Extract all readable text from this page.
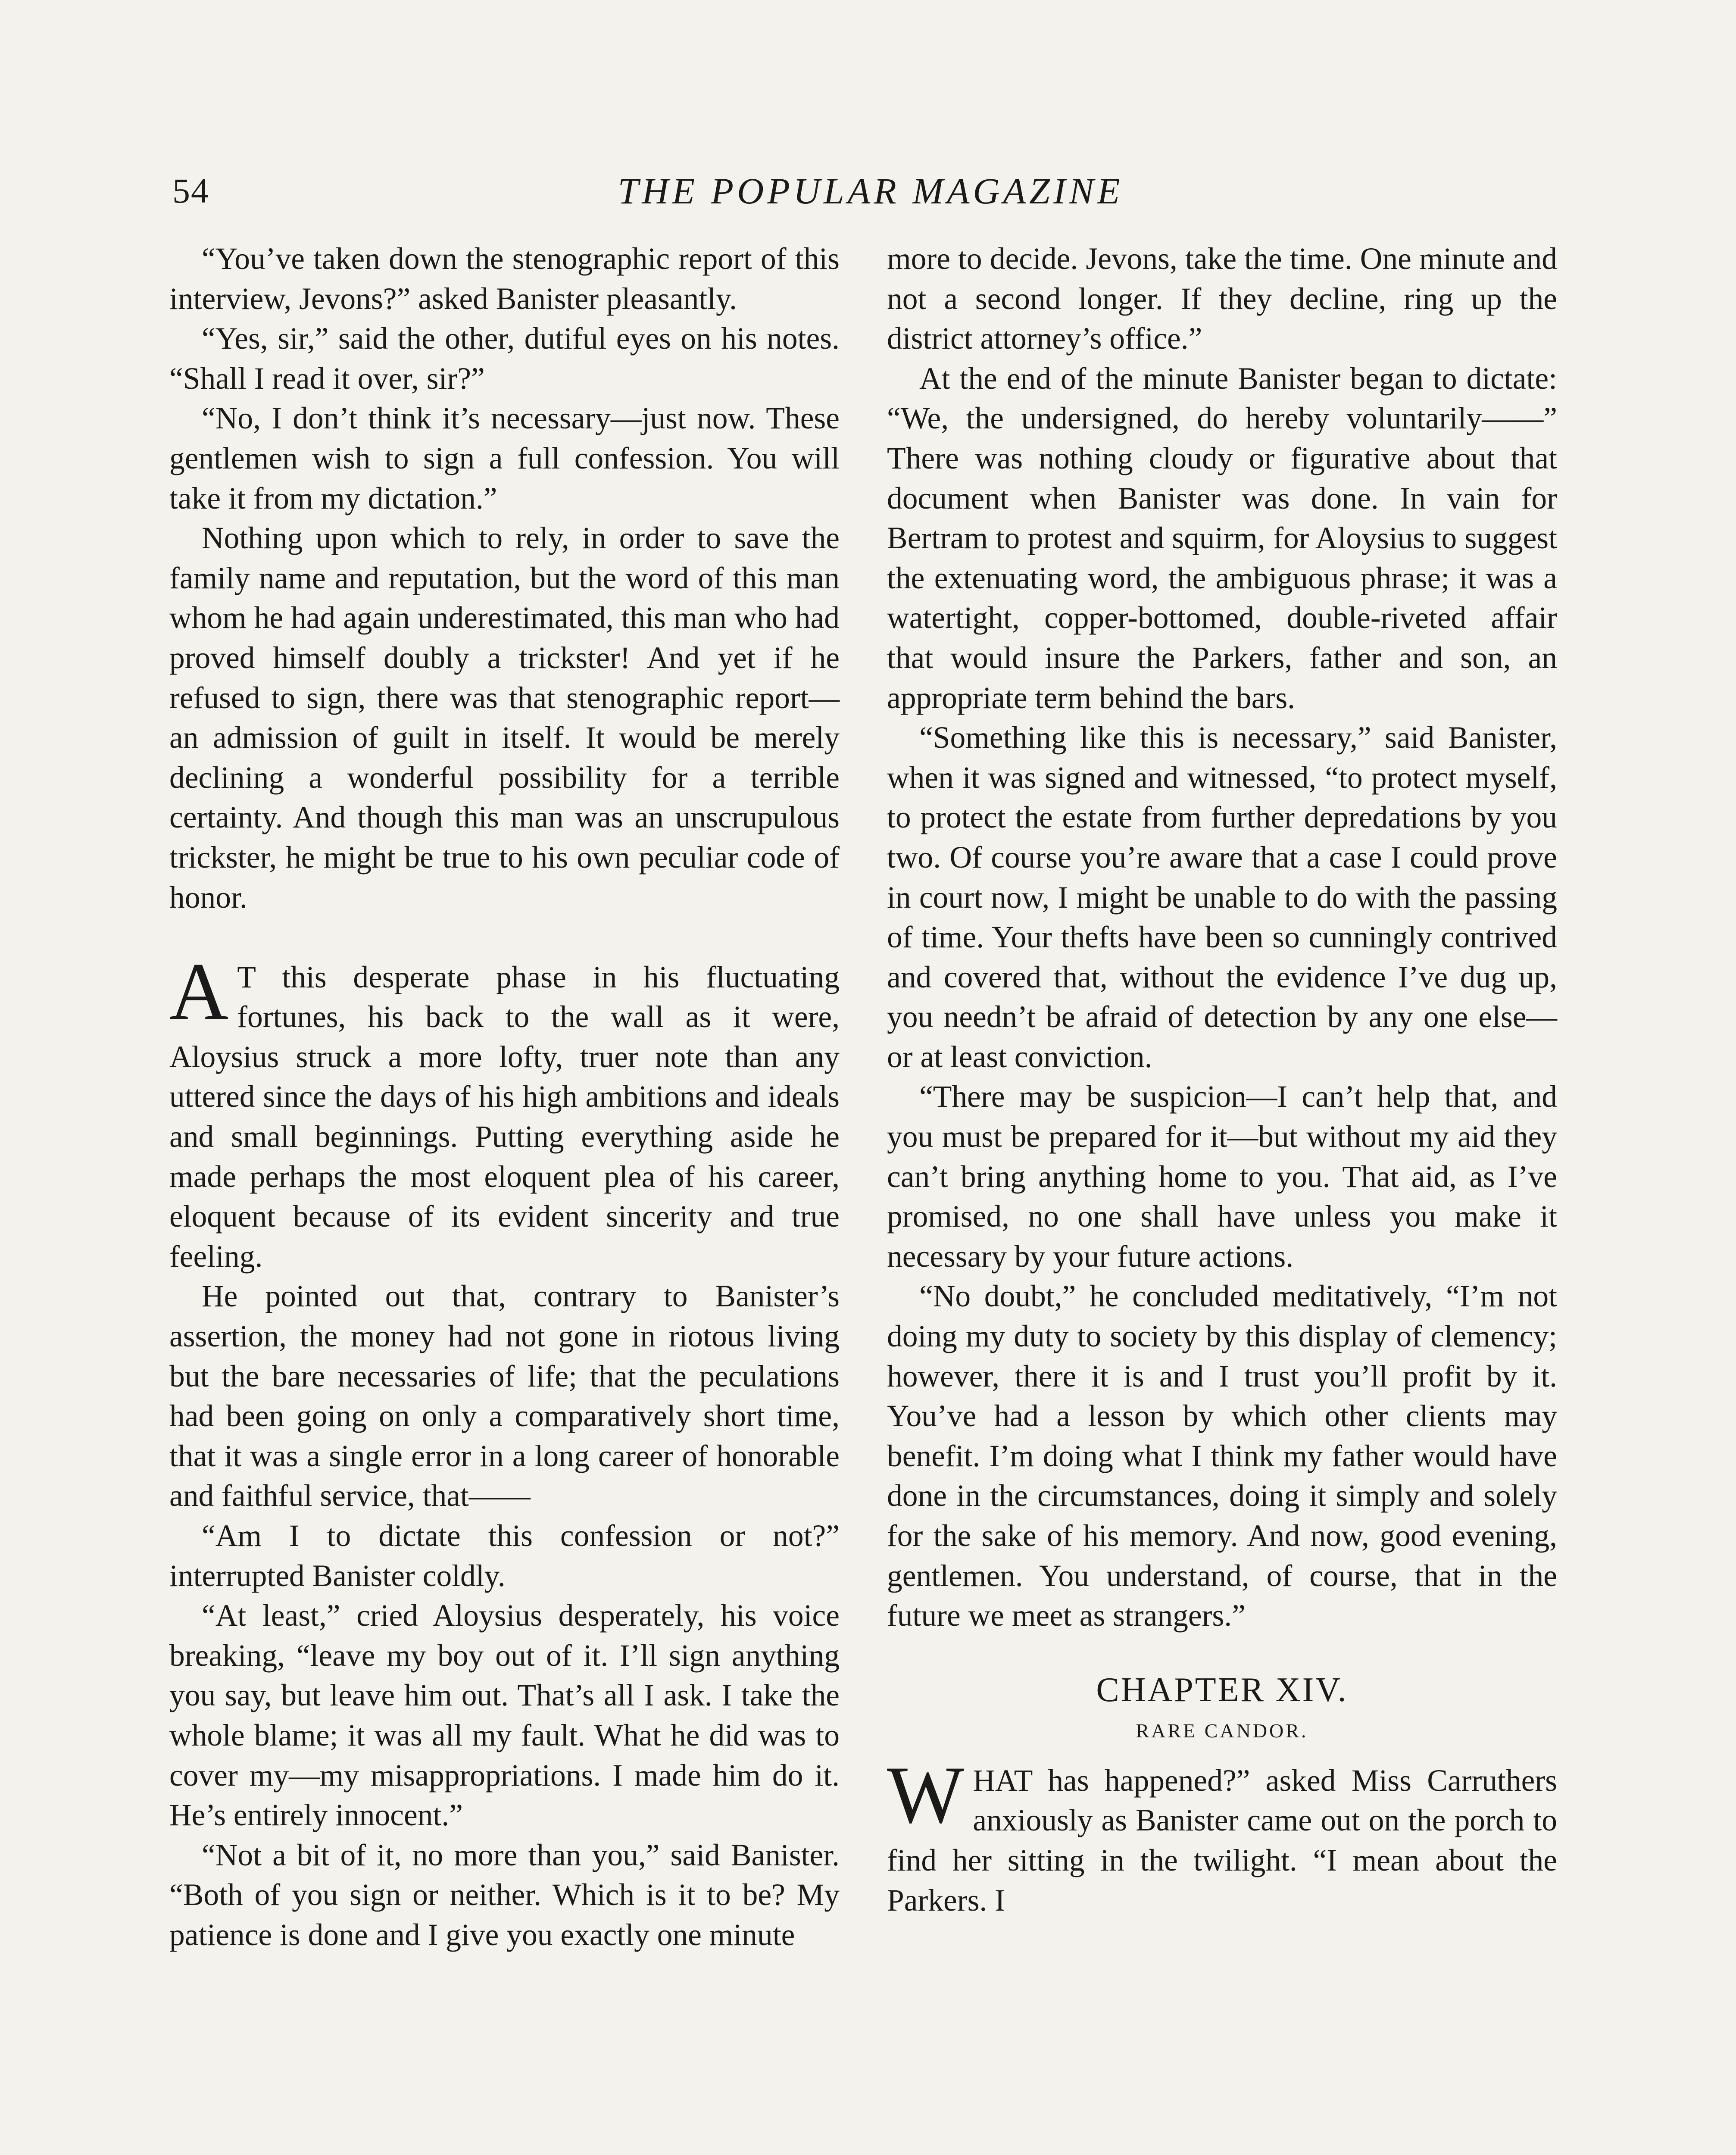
54	THE POPULAR MAGAZINE

“You’ve taken down the stenographic report of this interview, Jevons?” asked Banister pleasantly.

“Yes, sir,” said the other, dutiful eyes on his notes. “Shall I read it over, sir?”

“No, I don’t think it’s necessary—just now. These gentlemen wish to sign a full confession. You will take it from my dictation.”

Nothing upon which to rely, in order to save the family name and reputation, but the word of this man whom he had again underestimated, this man who had proved himself doubly a trickster! And yet if he refused to sign, there was that stenographic report—an admission of guilt in itself. It would be merely declining a wonderful possibility for a terrible certainty. And though this man was an unscrupulous trickster, he might be true to his own peculiar code of honor.

A T this desperate phase in his fluctuating fortunes, his back to the wall as it were, Aloysius struck a more lofty, truer note than any uttered since the days of his high ambitions and ideals and small beginnings. Putting everything aside he made perhaps the most eloquent plea of his career, eloquent because of its evident sincerity and true feeling.

He pointed out that, contrary to Banister’s assertion, the money had not gone in riotous living but the bare necessaries of life; that the peculations had been going on only a comparatively short time, that it was a single error in a long career of honorable and faithful service, that——

“Am I to dictate this confession or not?” interrupted Banister coldly.

“At least,” cried Aloysius desperately, his voice breaking, “leave my boy out of it. I’ll sign anything you say, but leave him out. That’s all I ask. I take the whole blame; it was all my fault. What he did was to cover my—my misappropriations. I made him do it. He’s entirely innocent.”

“Not a bit of it, no more than you,” said Banister. “Both of you sign or neither. Which is it to be? My patience is done and I give you exactly one minute

more to decide. Jevons, take the time. One minute and not a second longer. If they decline, ring up the district attorney’s office.”

At the end of the minute Banister began to dictate: “We, the undersigned, do hereby voluntarily——” There was nothing cloudy or figurative about that document when Banister was done. In vain for Bertram to protest and squirm, for Aloysius to suggest the extenuating word, the ambiguous phrase; it was a watertight, copper-bottomed, double-riveted affair that would insure the Parkers, father and son, an appropriate term behind the bars.

“Something like this is necessary,” said Banister, when it was signed and witnessed, “to protect myself, to protect the estate from further depredations by you two. Of course you’re aware that a case I could prove in court now, I might be unable to do with the passing of time. Your thefts have been so cunningly contrived and covered that, without the evidence I’ve dug up, you needn’t be afraid of detection by any one else—or at least conviction.

“There may be suspicion—I can’t help that, and you must be prepared for it—but without my aid they can’t bring anything home to you. That aid, as I’ve promised, no one shall have unless you make it necessary by your future actions.

“No doubt,” he concluded meditatively, “I’m not doing my duty to society by this display of clemency; however, there it is and I trust you’ll profit by it. You’ve had a lesson by which other clients may benefit. I’m doing what I think my father would have done in the circumstances, doing it simply and solely for the sake of his memory. And now, good evening, gentlemen. You understand, of course, that in the future we meet as strangers.”

CHAPTER XIV.
RARE CANDOR.

WHAT has happened?” asked Miss Carruthers anxiously as Banister came out on the porch to find her sitting in the twilight. “I mean about the Parkers. I
